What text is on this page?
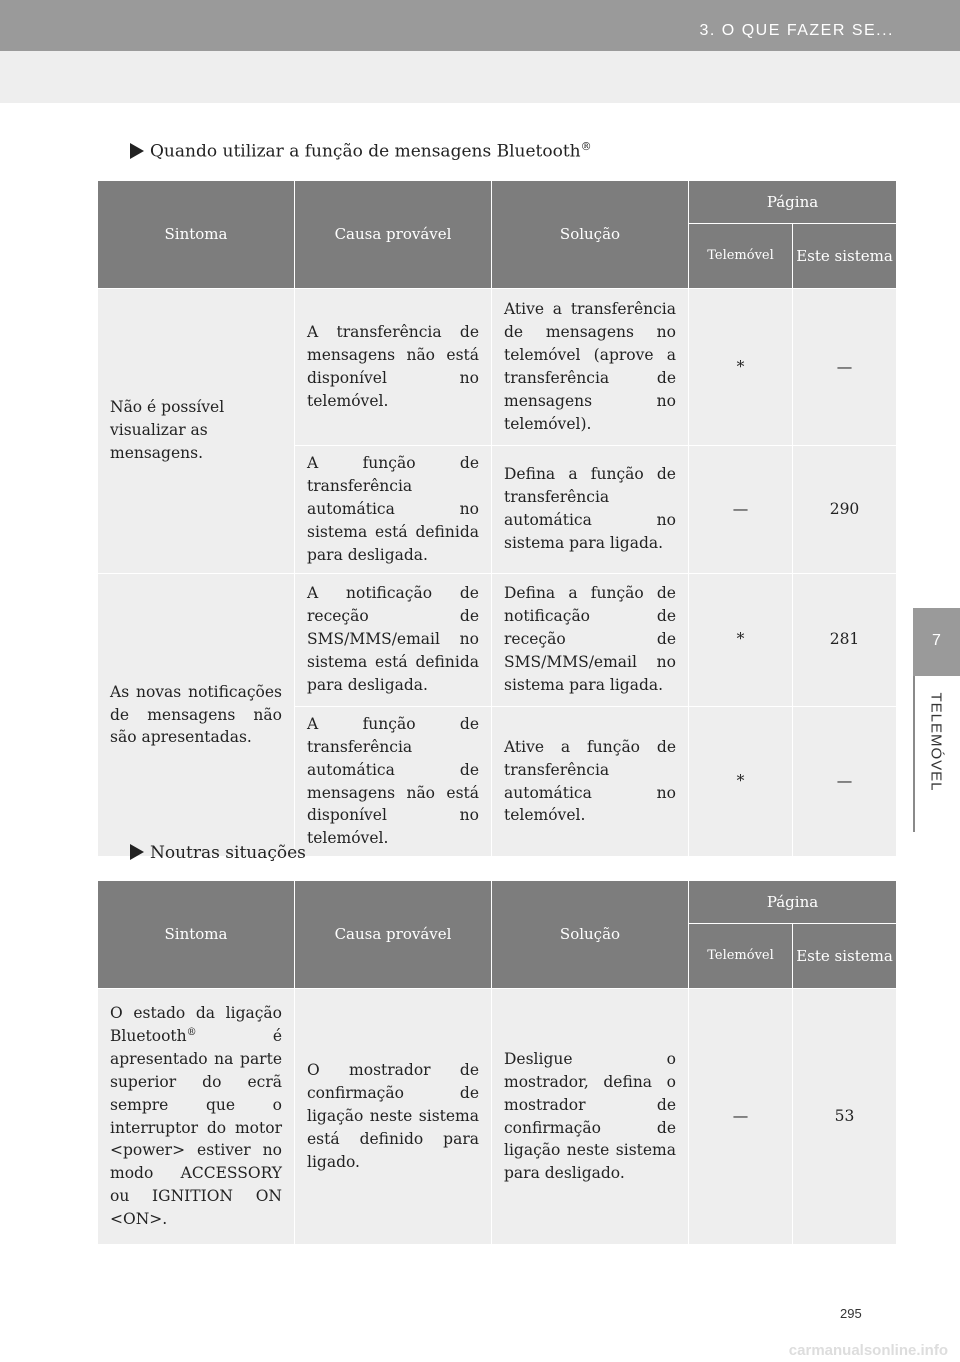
3. O QUE FAZER SE...
Quando utilizar a função de mensagens Bluetooth®
Sintoma	Causa provável	Solução	Página	
			Telemóvel	Este sistema
Não é possível visualizar as mensagens.	A transferência de mensagens não está disponível no telemóvel.	Ative a transferência de mensagens no telemóvel (aprove a transferência de mensagens no telemóvel).	*	—
	A função de transferência automática no sistema está definida para desligada.	Defina a função de transferência automática no sistema para ligada.	—	290
As novas notificações de mensagens não são apresentadas.	A notificação de receção de SMS/MMS/email no sistema está definida para desligada.	Defina a função de notificação de receção de SMS/MMS/email no sistema para ligada.	*	281
	A função de transferência automática de mensagens não está disponível no telemóvel.	Ative a função de transferência automática no telemóvel.	*	—
Noutras situações
Sintoma	Causa provável	Solução	Página	
			Telemóvel	Este sistema
O estado da ligação Bluetooth® é apresentado na parte superior do ecrã sempre que o interruptor do motor <power> estiver no modo ACCESSORY ou IGNITION ON <ON>.	O mostrador de confirmação de ligação neste sistema está definido para ligado.	Desligue o mostrador, defina o mostrador de confirmação de ligação neste sistema para desligado.	—	53
7
TELEMÓVEL
295
carmanualsonline.info
